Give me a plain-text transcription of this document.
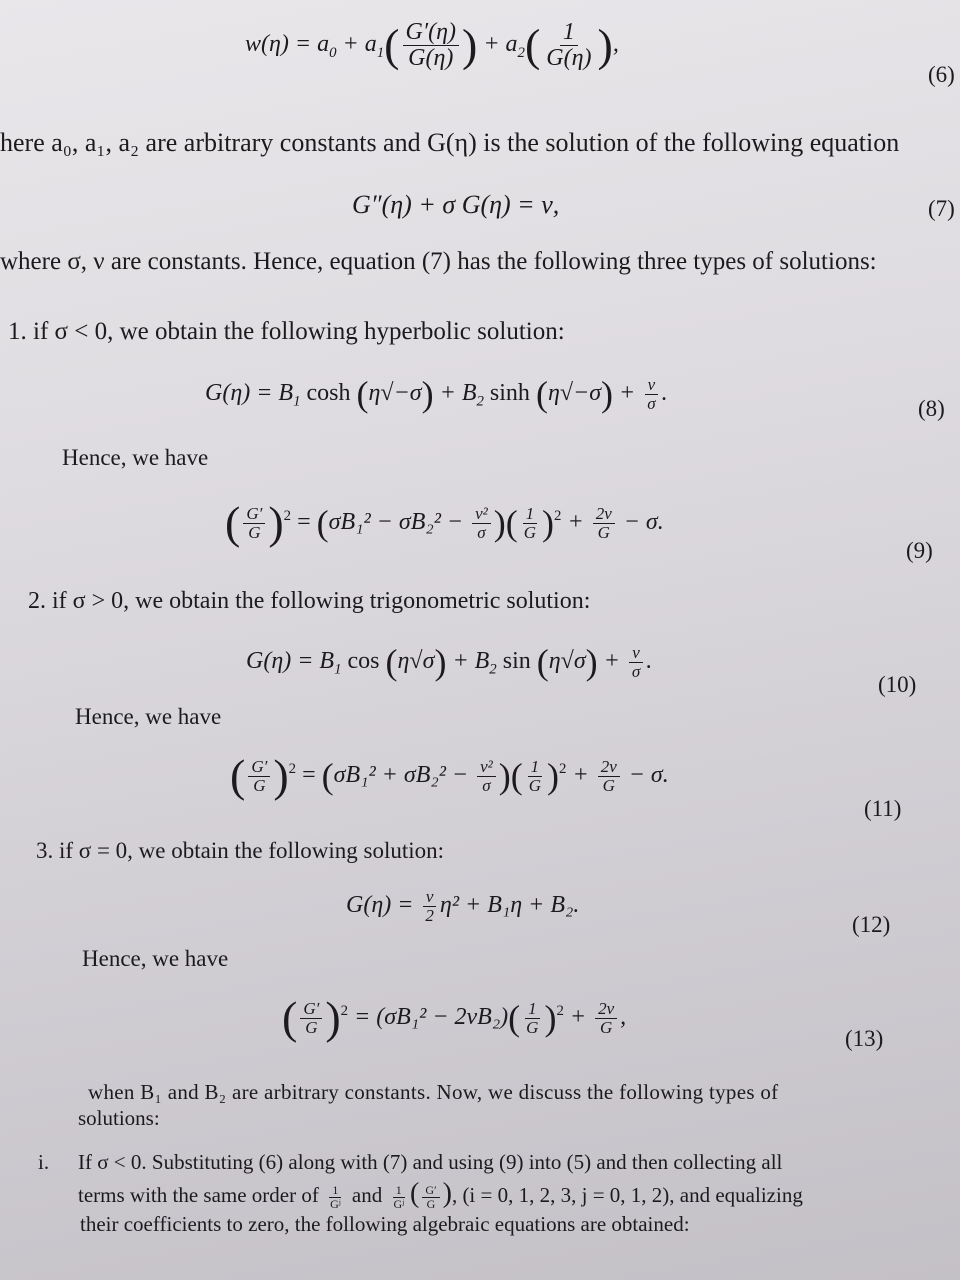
$w(\eta) = a_0 + a_1( \frac{G'(\eta)}{G(\eta)}$ ) + $a_2( \frac{1}{G(\eta)}$ ),
(6)
here a₀, a₁, a₂ are arbitrary constants and G(η) is the solution of the following equation
G″(η) + σ G(η) = ν,	(7)
where σ, ν are constants. Hence, equation (7) has the following three types of solutions:
1. if σ < 0, we obtain the following hyperbolic solution:
$G(\eta) = B_1$ $\cosh (\eta√-\sigma) + B_2$ $\sinh (\eta√-\sigma) + \frac{\nu}{\sigma}$ .
(8)
Hence, we have
( $\frac{G'}{G} )^2 = (\sigma B_1^2 - \sigma B_2^2 - \frac{\text{ν²}}{\sigma}$ )( $\frac{1}{G} )^2 + \frac{2\nu}{G} - \sigma$.
(9)
2. if σ > 0, we obtain the following trigonometric solution:
$G(\eta) = B_1$ $\cos (\eta√\sigma) + B_2$ $\sin (\eta√\sigma) + \frac{\nu}{\sigma}$ .
(10)
Hence, we have
( $\frac{G'}{G} )^2 = (\sigma B_1^2 + \sigma B_2^2 - \frac{\text{ν²}}{\sigma}$ )( $\frac{1}{G} )^2 + \frac{2\nu}{G} - \sigma$.
(11)
3. if σ = 0, we obtain the following solution:
$G(\eta) = \frac{\nu}{2} \eta^2 + B_1\eta + B_2$.
(12)
Hence, we have
( $\frac{G'}{G} )^2 = (\sigma B_1^2 - 2\nu B_2)( \frac{1}{G} )^2 + \frac{2\nu}{G}$ ,
(13)
when B₁ and B₂ are arbitrary constants. Now, we discuss the following types of
solutions:
i. If σ < 0. Substituting (6) along with (7) and using (9) into (5) and then collecting all
terms with the same order of $\frac{1}{\text{Gʲ}}$ and $\frac{1}{\text{Gʲ}}$ ( $\frac{G'}{G}$ ), (i = 0, 1, 2, 3, j = 0, 1, 2), and equalizing
their coefficients to zero, the following algebraic equations are obtained:
